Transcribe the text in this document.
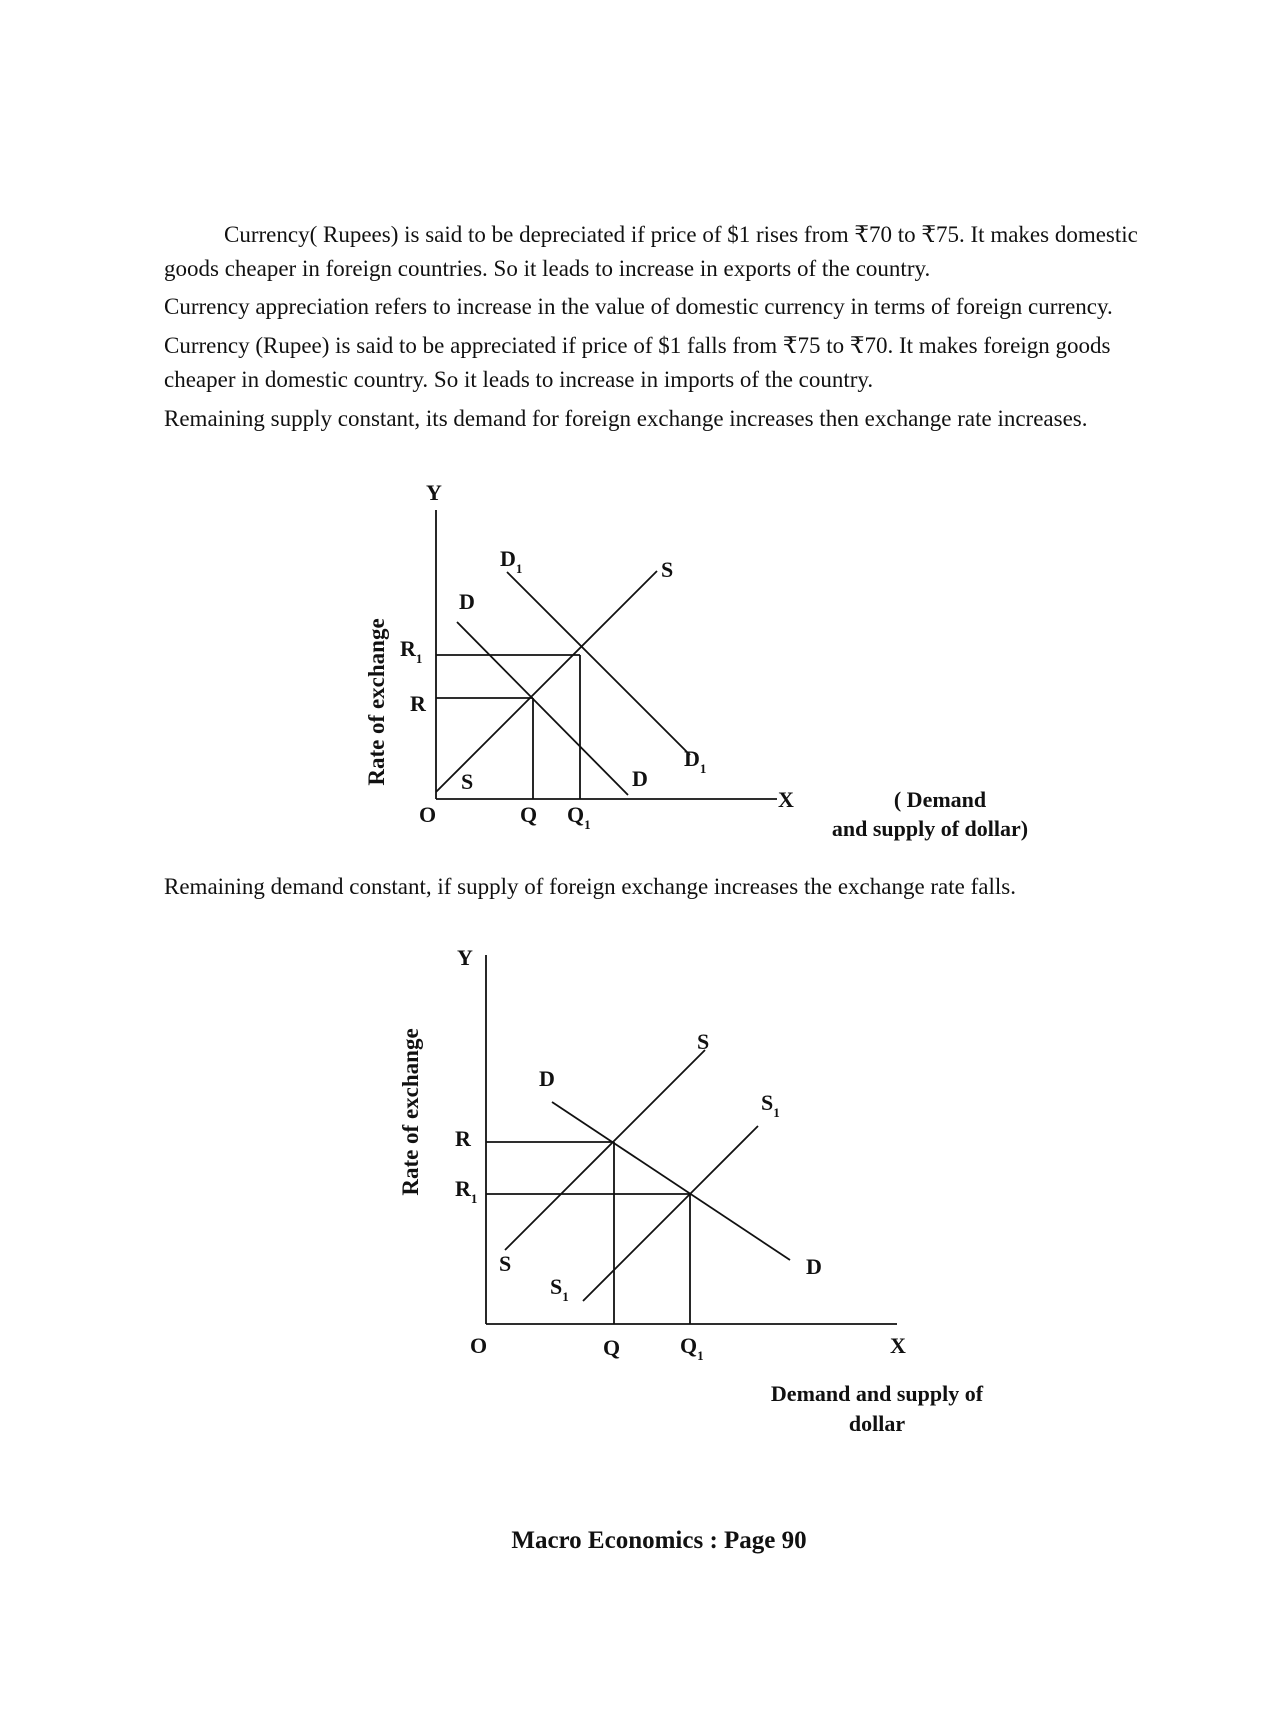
Currency( Rupees) is said to be depreciated if price of $1 rises from ₹70 to ₹75. It makes domestic goods cheaper in foreign countries. So it leads to increase in exports of the country.

Currency appreciation refers to increase in the value of domestic currency in terms of foreign currency.

Currency (Rupee) is said to be appreciated if price of $1 falls from ₹75 to ₹70. It makes foreign goods cheaper in domestic country. So it leads to increase in imports of the country.

Remaining supply constant, its demand for foreign exchange increases then exchange rate increases.

Y
O
X
Rate of exchange
( Demand
and supply of dollar)
D
D
$D_1$
$D_1$
S
S
$R_1$
R
Q $Q_1$

Remaining demand constant, if supply of foreign exchange increases the exchange rate falls.

Y
O	X
Rate of exchange
Demand and supply of
dollar
D
D
S
S
$S_1$
$S_1$
R
$R_1$
Q	$Q_1$
Macro Economics : Page 90
